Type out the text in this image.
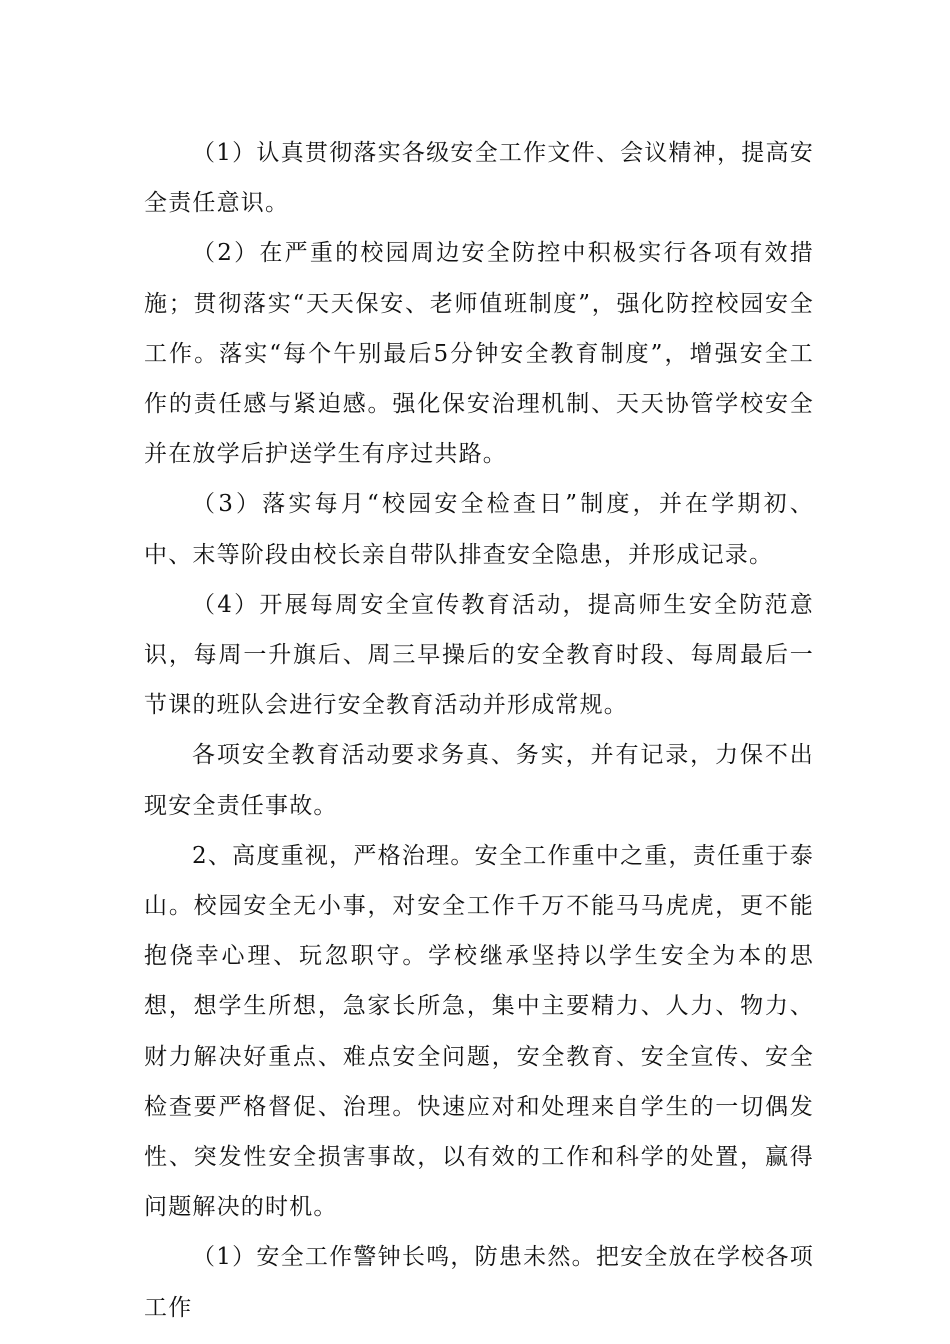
（1）认真贯彻落实各级安全工作文件、会议精神，提高安全责任意识。

（2）在严重的校园周边安全防控中积极实行各项有效措施；贯彻落实“天天保安、老师值班制度”，强化防控校园安全工作。落实“每个午别最后5分钟安全教育制度”，增强安全工作的责任感与紧迫感。强化保安治理机制、天天协管学校安全并在放学后护送学生有序过共路。

（3）落实每月“校园安全检查日”制度，并在学期初、中、末等阶段由校长亲自带队排查安全隐患，并形成记录。

（4）开展每周安全宣传教育活动，提高师生安全防范意识，每周一升旗后、周三早操后的安全教育时段、每周最后一节课的班队会进行安全教育活动并形成常规。

各项安全教育活动要求务真、务实，并有记录，力保不出现安全责任事故。

2、高度重视，严格治理。安全工作重中之重，责任重于泰山。校园安全无小事，对安全工作千万不能马马虎虎，更不能抱侥幸心理、玩忽职守。学校继承坚持以学生安全为本的思想，想学生所想，急家长所急，集中主要精力、人力、物力、财力解决好重点、难点安全问题，安全教育、安全宣传、安全检查要严格督促、治理。快速应对和处理来自学生的一切偶发性、突发性安全损害事故，以有效的工作和科学的处置，赢得问题解决的时机。

（1）安全工作警钟长鸣，防患未然。把安全放在学校各项工作
